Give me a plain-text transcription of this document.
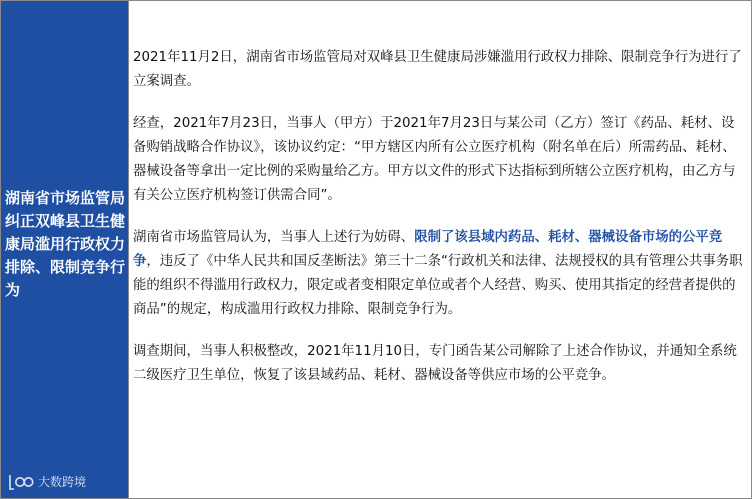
湖南省市场监管局纠正双峰县卫生健康局滥用行政权力排除、限制竞争行为
大数跨境

2021年11月2日，湖南省市场监管局对双峰县卫生健康局涉嫌滥用行政权力排除、限制竞争行为进行了立案调查。

经查，2021年7月23日，当事人（甲方）于2021年7月23日与某公司（乙方）签订《药品、耗材、设备购销战略合作协议》，该协议约定：“甲方辖区内所有公立医疗机构（附名单在后）所需药品、耗材、器械设备等拿出一定比例的采购量给乙方。甲方以文件的形式下达指标到所辖公立医疗机构，由乙方与有关公立医疗机构签订供需合同”。

湖南省市场监管局认为，当事人上述行为妨碍、限制了该县域内药品、耗材、器械设备市场的公平竞争，违反了《中华人民共和国反垄断法》第三十二条“行政机关和法律、法规授权的具有管理公共事务职能的组织不得滥用行政权力，限定或者变相限定单位或者个人经营、购买、使用其指定的经营者提供的商品”的规定，构成滥用行政权力排除、限制竞争行为。

调查期间，当事人积极整改，2021年11月10日，专门函告某公司解除了上述合作协议，并通知全系统二级医疗卫生单位，恢复了该县域药品、耗材、器械设备等供应市场的公平竞争。
